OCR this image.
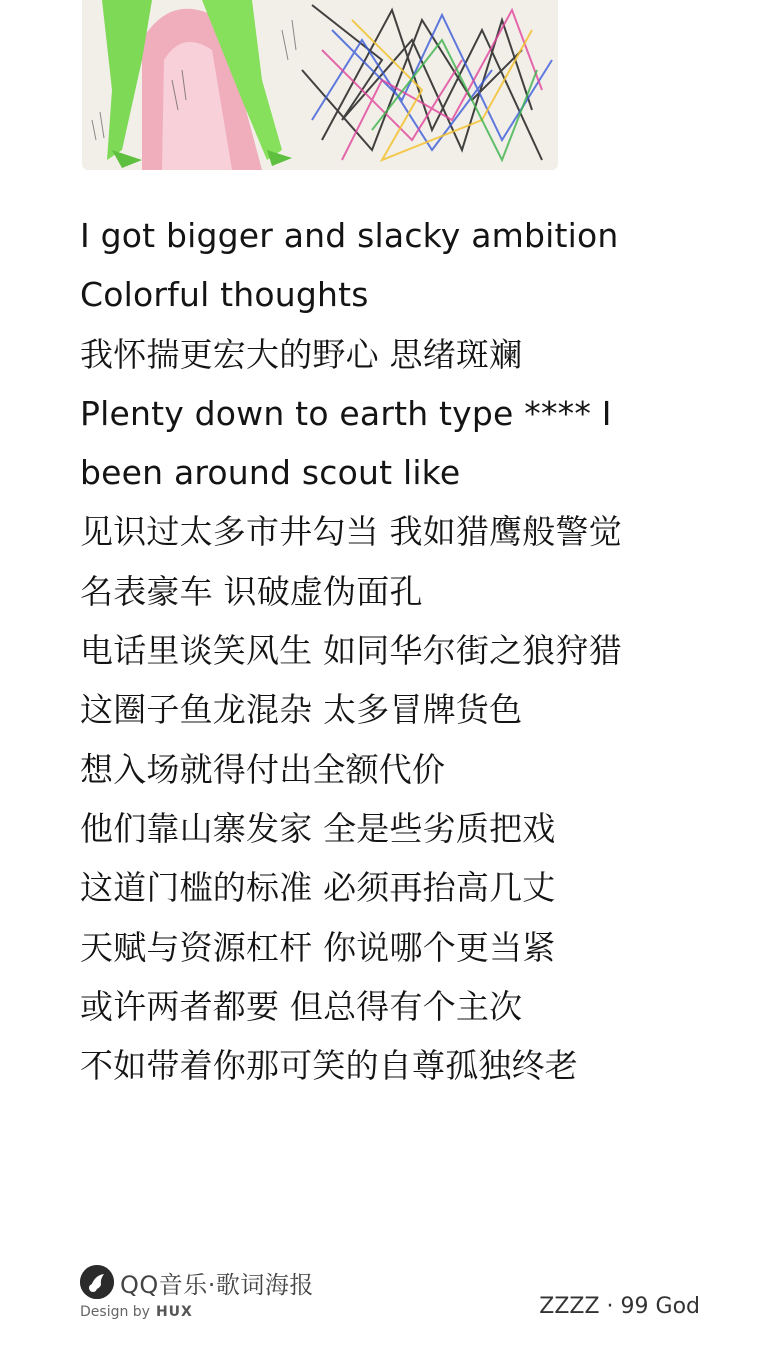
I got bigger and slacky ambition
Colorful thoughts
我怀揣更宏大的野心 思绪斑斓
Plenty down to earth type **** I
been around scout like
见识过太多市井勾当 我如猎鹰般警觉
名表豪车 识破虚伪面孔
电话里谈笑风生 如同华尔街之狼狩猎
这圈子鱼龙混杂 太多冒牌货色
想入场就得付出全额代价
他们靠山寨发家 全是些劣质把戏
这道门槛的标准 必须再抬高几丈
天赋与资源杠杆 你说哪个更当紧
或许两者都要 但总得有个主次
不如带着你那可笑的自尊孤独终老
QQ音乐·歌词海报
Design by HUX	ZZZZ · 99 God
